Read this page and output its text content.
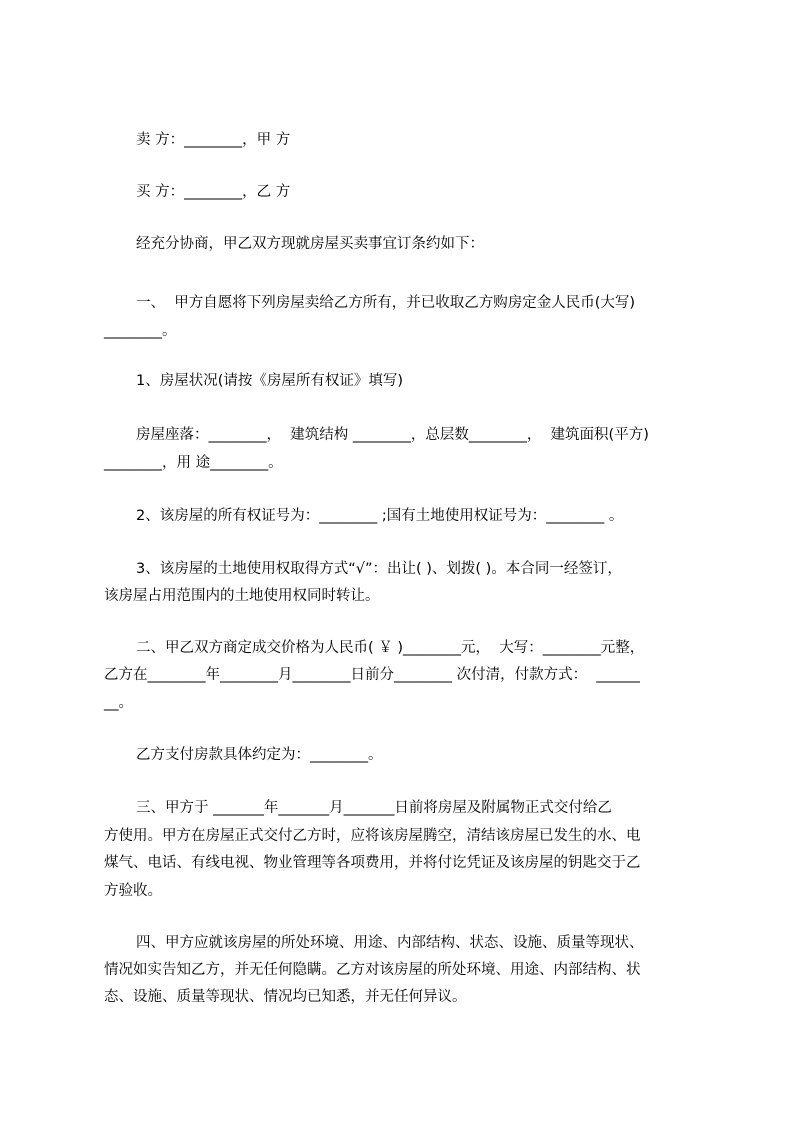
卖 方：________，甲 方
买 方：________，乙 方
经充分协商，甲乙双方现就房屋买卖事宜订条约如下：
一、  甲方自愿将下列房屋卖给乙方所有，并已收取乙方购房定金人民币(大写)
________。
1、房屋状况(请按《房屋所有权证》填写)
房屋座落：________，  建筑结构 ________，总层数________，  建筑面积(平方)
________，用 途________。
2、该房屋的所有权证号为：________ ;国有土地使用权证号为：________ 。
3、该房屋的土地使用权取得方式“√”：出让( )、划拨( )。本合同一经签订，
该房屋占用范围内的土地使用权同时转让。
二、甲乙双方商定成交价格为人民币( ￥ )________元，  大写：________元整，
乙方在________年________月________日前分________ 次付清，付款方式：  ______
__。
乙方支付房款具体约定为：________。
三、甲方于 _______年_______月_______日前将房屋及附属物正式交付给乙
方使用。甲方在房屋正式交付乙方时，应将该房屋腾空，清结该房屋已发生的水、电
煤气、电话、有线电视、物业管理等各项费用，并将付讫凭证及该房屋的钥匙交于乙
方验收。
四、甲方应就该房屋的所处环境、用途、内部结构、状态、设施、质量等现状、
情况如实告知乙方，并无任何隐瞒。乙方对该房屋的所处环境、用途、内部结构、状
态、设施、质量等现状、情况均已知悉，并无任何异议。
